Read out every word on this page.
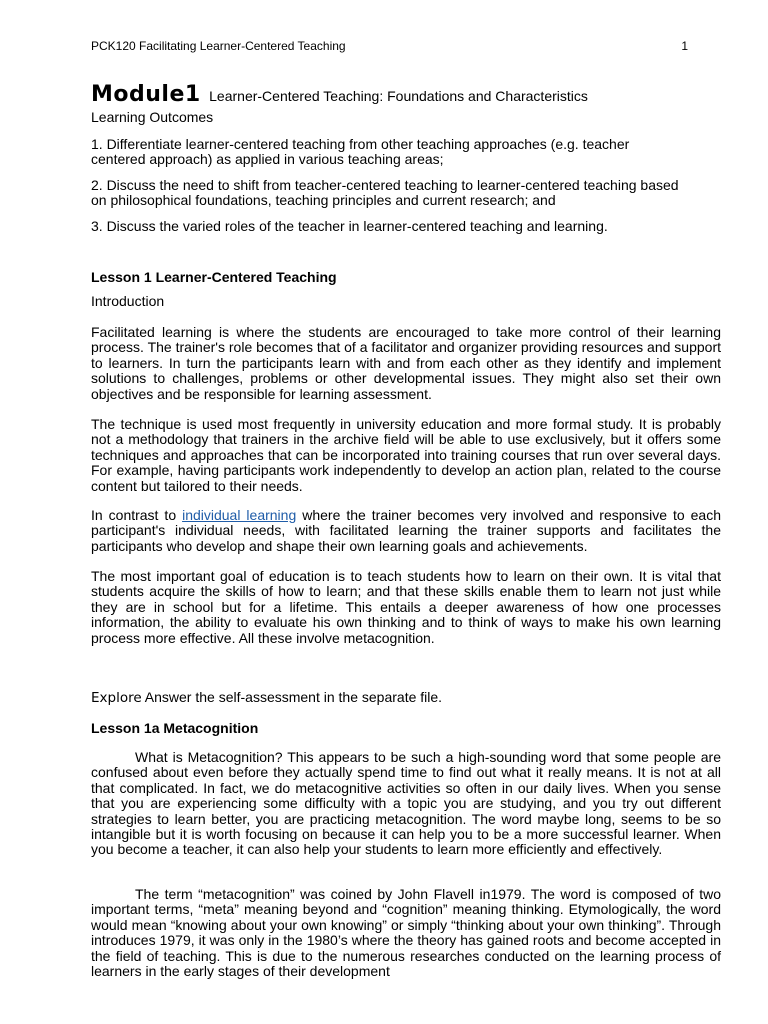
PCK120 Facilitating Learner-Centered Teaching	1
Module1 Learner-Centered Teaching: Foundations and Characteristics
Learning Outcomes
1. Differentiate learner-centered teaching from other teaching approaches (e.g. teacher centered approach) as applied in various teaching areas;
2. Discuss the need to shift from teacher-centered teaching to learner-centered teaching based on philosophical foundations, teaching principles and current research; and
3. Discuss the varied roles of the teacher in learner-centered teaching and learning.
Lesson 1 Learner-Centered Teaching
Introduction
Facilitated learning is where the students are encouraged to take more control of their learning process. The trainer's role becomes that of a facilitator and organizer providing resources and support to learners. In turn the participants learn with and from each other as they identify and implement solutions to challenges, problems or other developmental issues. They might also set their own objectives and be responsible for learning assessment.
The technique is used most frequently in university education and more formal study. It is probably not a methodology that trainers in the archive field will be able to use exclusively, but it offers some techniques and approaches that can be incorporated into training courses that run over several days. For example, having participants work independently to develop an action plan, related to the course content but tailored to their needs.
In contrast to individual learning where the trainer becomes very involved and responsive to each participant's individual needs, with facilitated learning the trainer supports and facilitates the participants who develop and shape their own learning goals and achievements.
The most important goal of education is to teach students how to learn on their own. It is vital that students acquire the skills of how to learn; and that these skills enable them to learn not just while they are in school but for a lifetime. This entails a deeper awareness of how one processes information, the ability to evaluate his own thinking and to think of ways to make his own learning process more effective. All these involve metacognition.
Explore Answer the self-assessment in the separate file.
Lesson 1a Metacognition
What is Metacognition? This appears to be such a high-sounding word that some people are confused about even before they actually spend time to find out what it really means. It is not at all that complicated. In fact, we do metacognitive activities so often in our daily lives. When you sense that you are experiencing some difficulty with a topic you are studying, and you try out different strategies to learn better, you are practicing metacognition. The word maybe long, seems to be so intangible but it is worth focusing on because it can help you to be a more successful learner. When you become a teacher, it can also help your students to learn more efficiently and effectively.
The term “metacognition” was coined by John Flavell in1979. The word is composed of two important terms, “meta” meaning beyond and “cognition” meaning thinking. Etymologically, the word would mean “knowing about your own knowing” or simply “thinking about your own thinking”. Through introduces 1979, it was only in the 1980’s where the theory has gained roots and become accepted in the field of teaching. This is due to the numerous researches conducted on the learning process of learners in the early stages of their development
